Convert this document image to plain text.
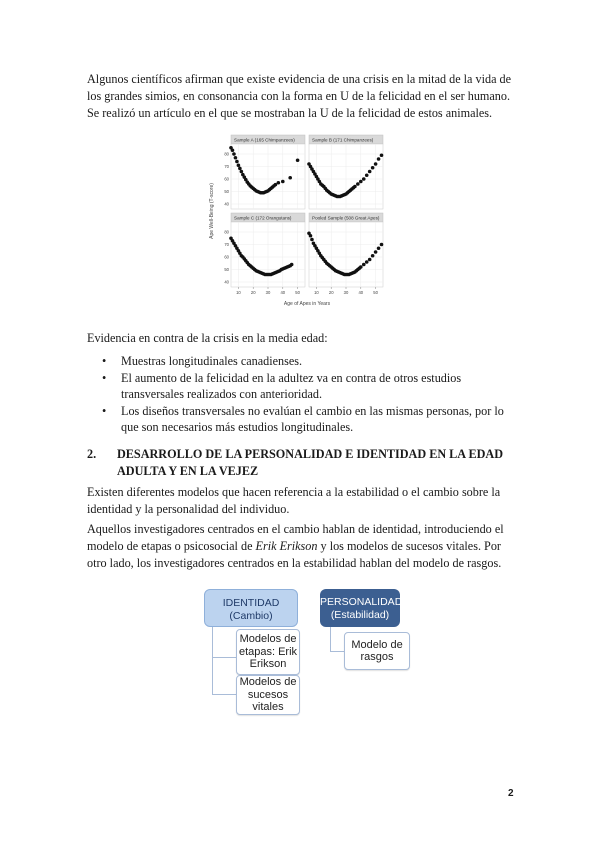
Algunos científicos afirman que existe evidencia de una crisis en la mitad de la vida de los grandes simios, en consonancia con la forma en U de la felicidad en el ser humano. Se realizó un artículo en el que se mostraban la U de la felicidad de estos animales.

Sample A (165 Chimpanzees)
40
50
60
70
80
Sample B (171 Chimpanzees)
Sample C (172 Orangutans)
40
50
60
70
80
10 20 30 40 50
Pooled Sample (508 Great Apes)
10 20 30 40 50
Ape Well-Being (T-score)
Age of Apes in Years

Evidencia en contra de la crisis en la media edad:

• Muestras longitudinales canadienses.
• El aumento de la felicidad en la adultez va en contra de otros estudios transversales realizados con anterioridad.
• Los diseños transversales no evalúan el cambio en las mismas personas, por lo que son necesarios más estudios longitudinales.
2.	DESARROLLO DE LA PERSONALIDAD E IDENTIDAD EN LA EDAD ADULTA Y EN LA VEJEZ

Existen diferentes modelos que hacen referencia a la estabilidad o el cambio sobre la identidad y la personalidad del individuo.

Aquellos investigadores centrados en el cambio hablan de identidad, introduciendo el modelo de etapas o psicosocial de Erik Erikson y los modelos de sucesos vitales. Por otro lado, los investigadores centrados en la estabilidad hablan del modelo de rasgos.

IDENTIDAD
(Cambio)
PERSONALIDAD
(Estabilidad)
Modelos de etapas: Erik Erikson
Modelos de sucesos vitales
Modelo de rasgos
2
